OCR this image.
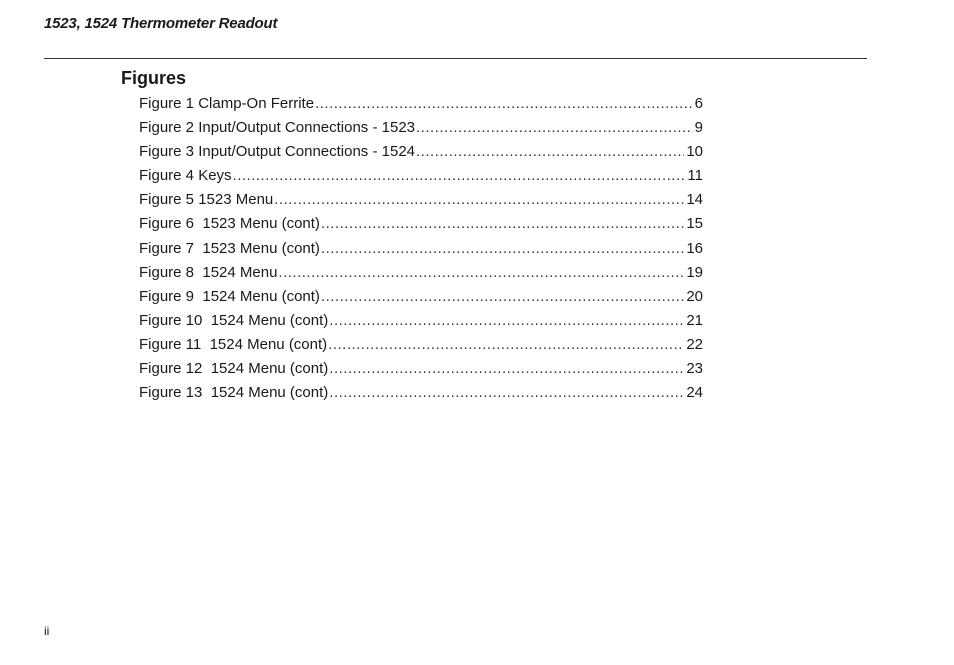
1523, 1524 Thermometer Readout
Figures
Figure 1 Clamp-On Ferrite .....	6
Figure 2 Input/Output Connections - 1523 .....	9
Figure 3 Input/Output Connections - 1524 .....	10
Figure 4 Keys .....	11
Figure 5 1523 Menu .....	14
Figure 6  1523 Menu (cont) .....	15
Figure 7  1523 Menu (cont) .....	16
Figure 8  1524 Menu .....	19
Figure 9  1524 Menu (cont) .....	20
Figure 10  1524 Menu (cont) .....	21
Figure 11  1524 Menu (cont) .....	22
Figure 12  1524 Menu (cont) .....	23
Figure 13  1524 Menu (cont) .....	24
ii
